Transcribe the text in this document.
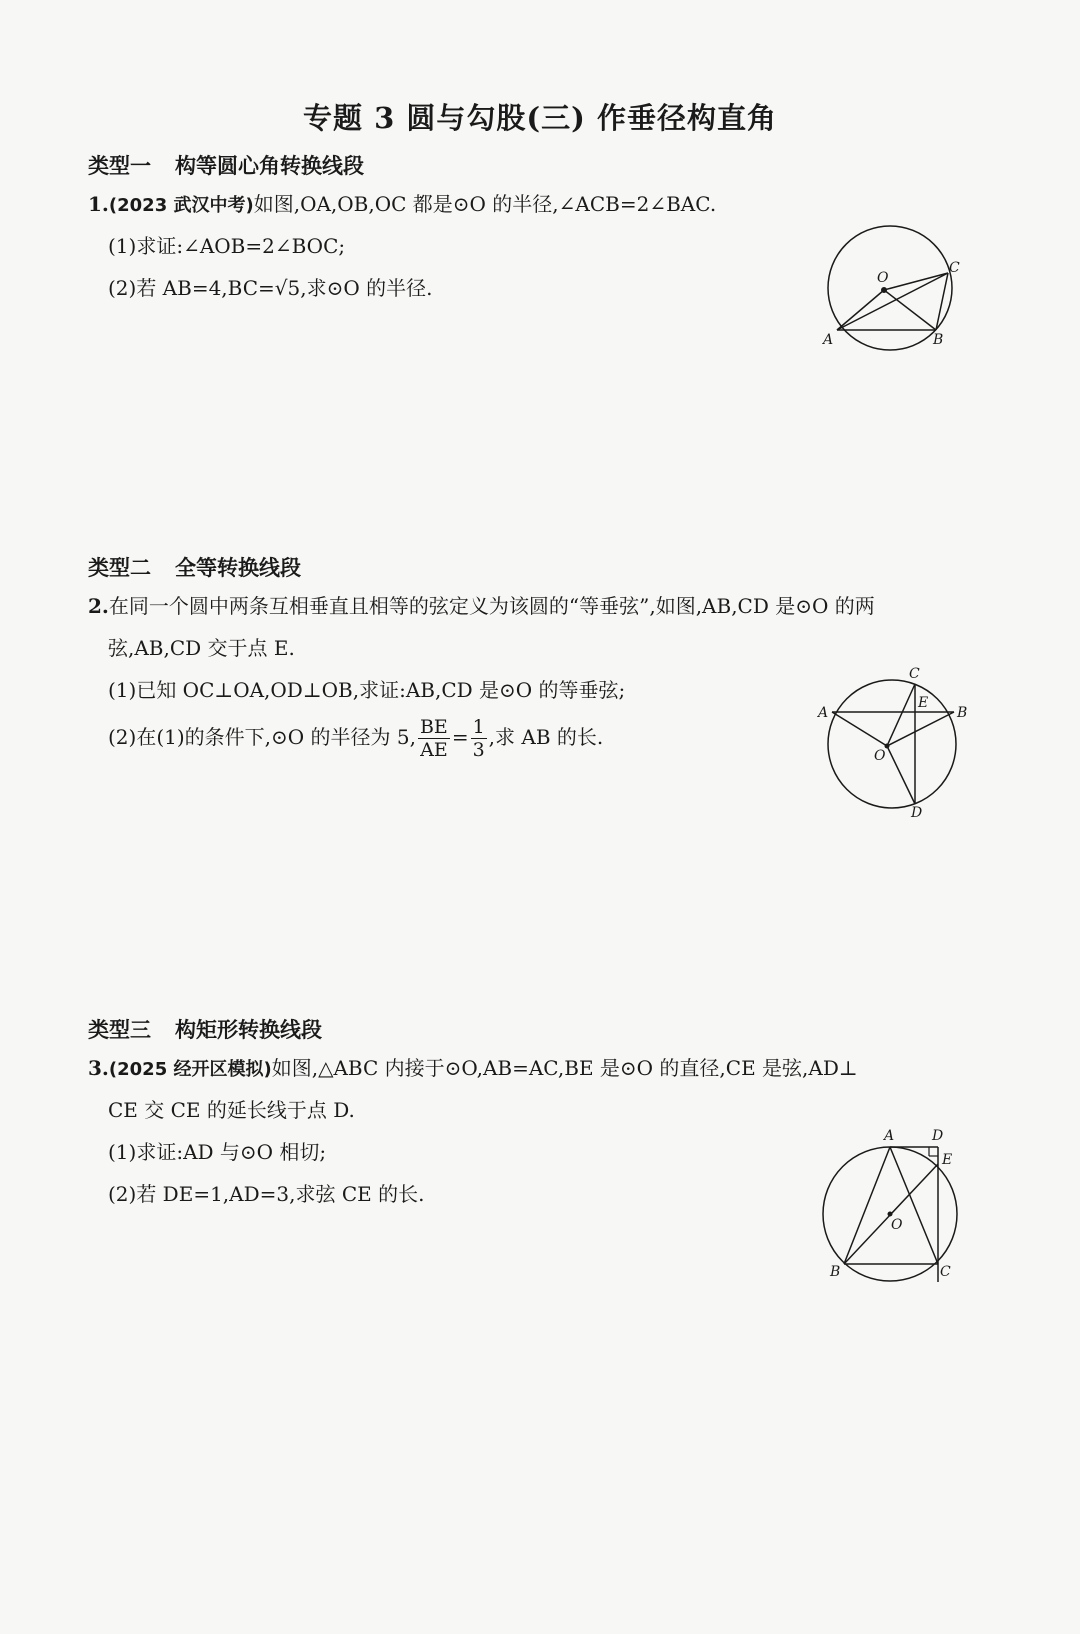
专题 3 圆与勾股(三) 作垂径构直角
类型一 构等圆心角转换线段
1.(2023 武汉中考)如图,OA,OB,OC 都是⊙O 的半径,∠ACB=2∠BAC.
(1)求证:∠AOB=2∠BOC;
(2)若 AB=4,BC=√5,求⊙O 的半径.	O
A	B
C
类型二 全等转换线段
2.在同一个圆中两条互相垂直且相等的弦定义为该圆的“等垂弦”,如图,AB,CD 是⊙O 的两
弦,AB,CD 交于点 E.
(1)已知 OC⊥OA,OD⊥OB,求证:AB,CD 是⊙O 的等垂弦;
(2)在(1)的条件下,⊙O 的半径为 5, $\frac{BE}{AE} = \frac{1}{3}$ ,求 AB 的长.
C
E
A	B
O
D
类型三 构矩形转换线段
3.(2025 经开区模拟)如图,△ABC 内接于⊙O,AB=AC,BE 是⊙O 的直径,CE 是弦,AD⊥
CE 交 CE 的延长线于点 D.
(1)求证:AD 与⊙O 相切;
(2)若 DE=1,AD=3,求弦 CE 的长.
A	D
E
O
B	C
